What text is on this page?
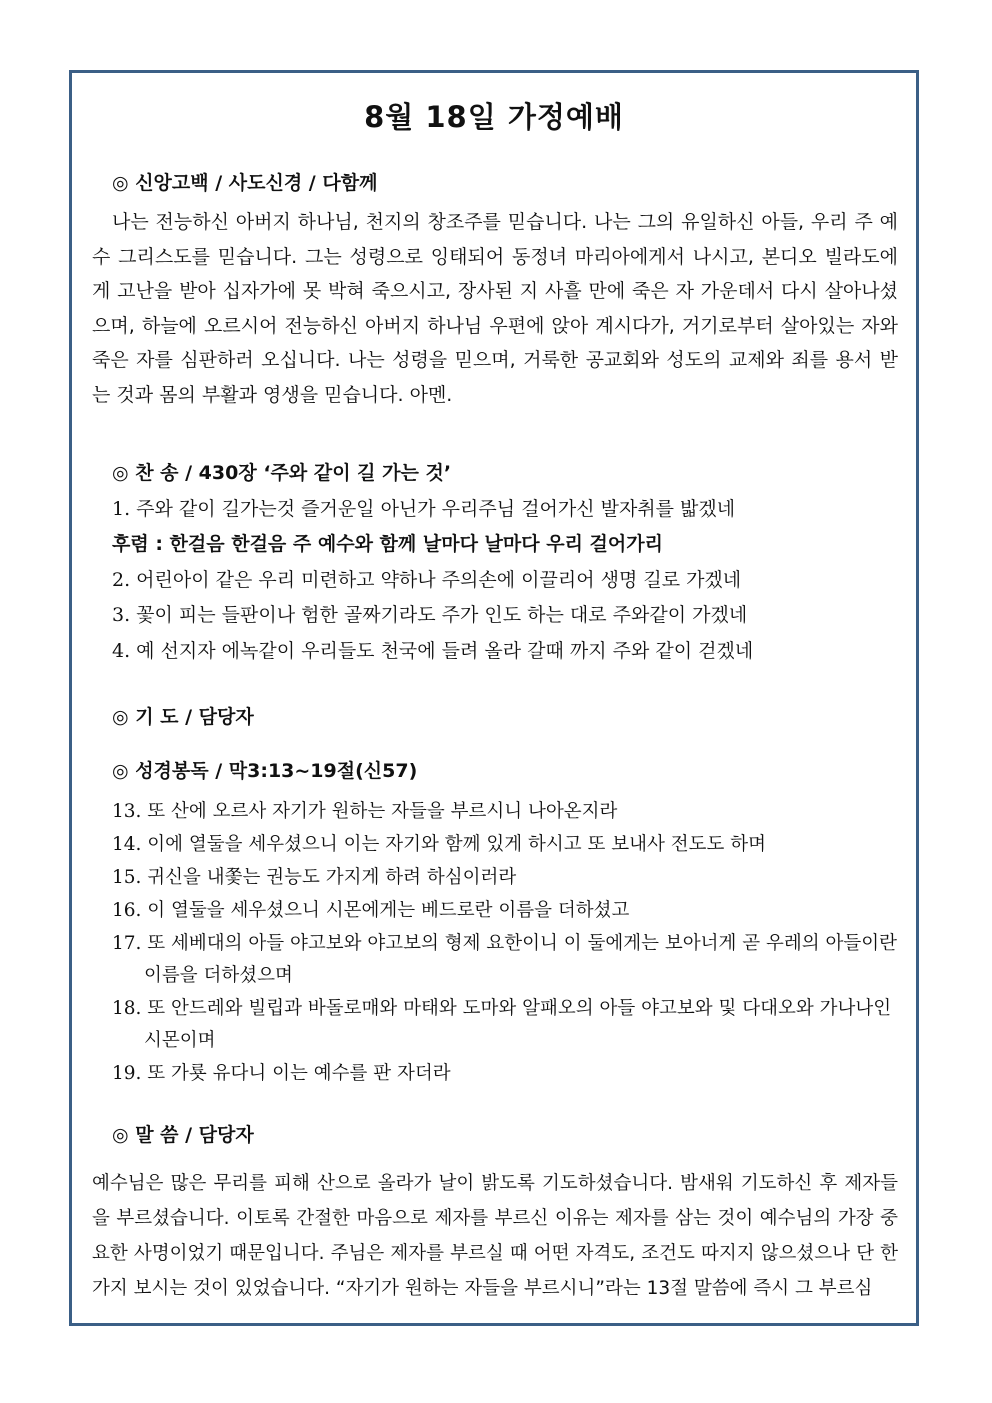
8월 18일 가정예배
◎ 신앙고백 / 사도신경 / 다함께
나는 전능하신 아버지 하나님, 천지의 창조주를 믿습니다. 나는 그의 유일하신 아들, 우리 주 예수 그리스도를 믿습니다. 그는 성령으로 잉태되어 동정녀 마리아에게서 나시고, 본디오 빌라도에게 고난을 받아 십자가에 못 박혀 죽으시고, 장사된 지 사흘 만에 죽은 자 가운데서 다시 살아나셨으며, 하늘에 오르시어 전능하신 아버지 하나님 우편에 앉아 계시다가, 거기로부터 살아있는 자와 죽은 자를 심판하러 오십니다. 나는 성령을 믿으며, 거룩한 공교회와 성도의 교제와 죄를 용서 받는 것과 몸의 부활과 영생을 믿습니다. 아멘.
◎ 찬 송 / 430장 ‘주와 같이 길 가는 것’
1. 주와 같이 길가는것 즐거운일 아닌가 우리주님 걸어가신 발자취를 밟겠네
후렴 : 한걸음 한걸음 주 예수와 함께 날마다 날마다 우리 걸어가리
2. 어린아이 같은 우리 미련하고 약하나 주의손에 이끌리어 생명 길로 가겠네
3. 꽃이 피는 들판이나 험한 골짜기라도 주가 인도 하는 대로 주와같이 가겠네
4. 예 선지자 에녹같이 우리들도 천국에 들려 올라 갈때 까지 주와 같이 걷겠네
◎ 기 도 / 담당자
◎ 성경봉독 / 막3:13~19절(신57)
13. 또 산에 오르사 자기가 원하는 자들을 부르시니 나아온지라
14. 이에 열둘을 세우셨으니 이는 자기와 함께 있게 하시고 또 보내사 전도도 하며
15. 귀신을 내쫓는 권능도 가지게 하려 하심이러라
16. 이 열둘을 세우셨으니 시몬에게는 베드로란 이름을 더하셨고
17. 또 세베대의 아들 야고보와 야고보의 형제 요한이니 이 둘에게는 보아너게 곧 우레의 아들이란 이름을 더하셨으며
18. 또 안드레와 빌립과 바돌로매와 마태와 도마와 알패오의 아들 야고보와 및 다대오와 가나나인 시몬이며
19. 또 가룟 유다니 이는 예수를 판 자더라
◎ 말 씀 / 담당자
예수님은 많은 무리를 피해 산으로 올라가 날이 밝도록 기도하셨습니다. 밤새워 기도하신 후 제자들을 부르셨습니다. 이토록 간절한 마음으로 제자를 부르신 이유는 제자를 삼는 것이 예수님의 가장 중요한 사명이었기 때문입니다. 주님은 제자를 부르실 때 어떤 자격도, 조건도 따지지 않으셨으나 단 한 가지 보시는 것이 있었습니다. “자기가 원하는 자들을 부르시니”라는 13절 말씀에 즉시 그 부르심
